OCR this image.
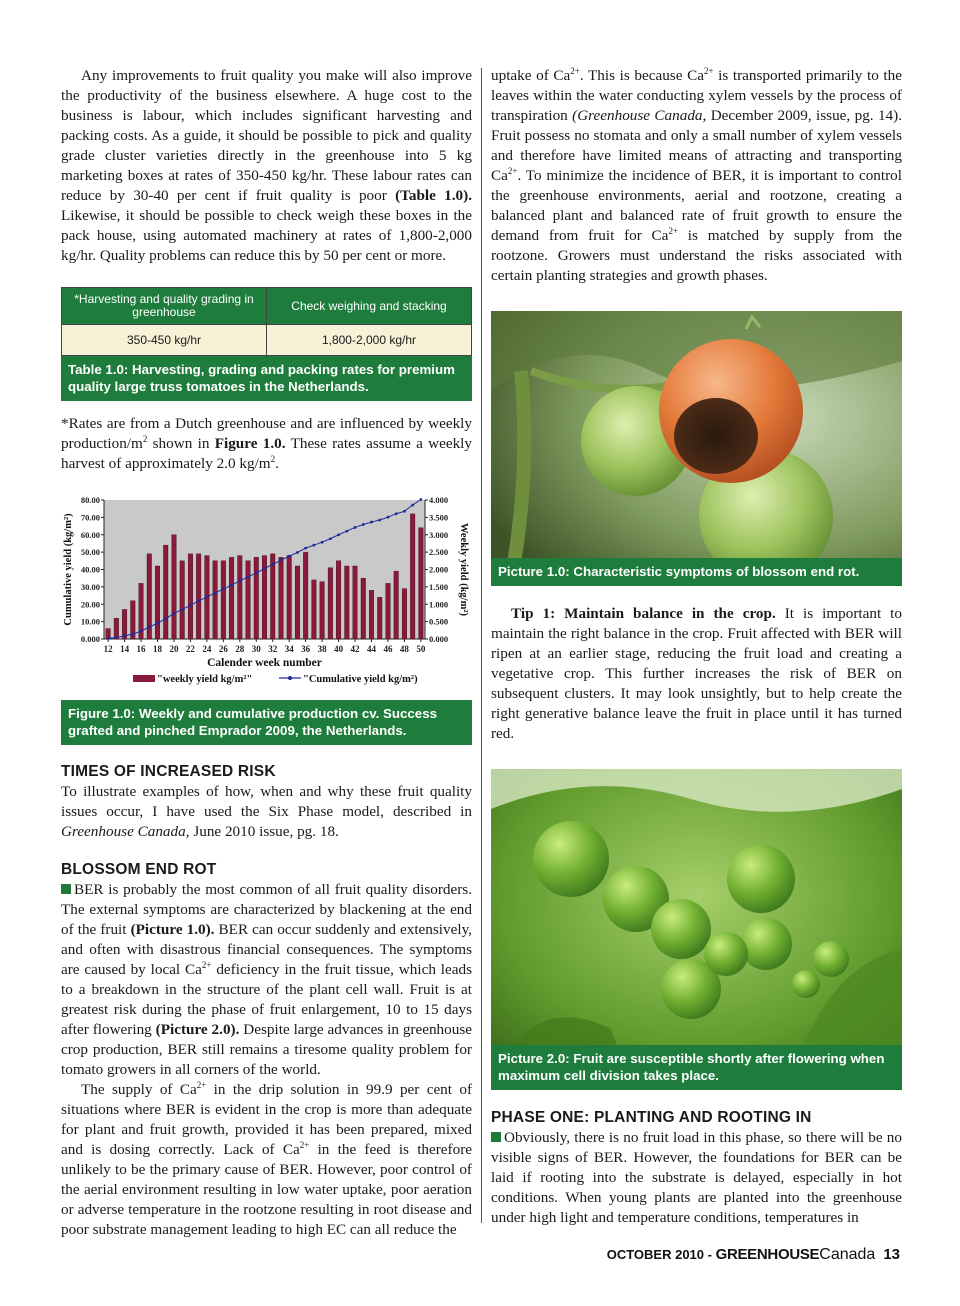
Any improvements to fruit quality you make will also improve the productivity of the business elsewhere. A huge cost to the business is labour, which includes significant harvesting and packing costs. As a guide, it should be possible to pick and quality grade cluster varieties directly in the greenhouse into 5 kg marketing boxes at rates of 350-450 kg/hr. These labour rates can reduce by 30-40 per cent if fruit quality is poor (Table 1.0). Likewise, it should be possible to check weigh these boxes in the pack house, using automated machinery at rates of 1,800-2,000 kg/hr. Quality problems can reduce this by 50 per cent or more.

*Harvesting and quality grading in greenhouse	Check weighing and stacking
350-450 kg/hr	1,800-2,000 kg/hr
Table 1.0: Harvesting, grading and packing rates for premium quality large truss tomatoes in the Netherlands.

*Rates are from a Dutch greenhouse and are influenced by weekly production/$m^2$ shown in Figure 1.0. These rates assume a weekly harvest of approximately 2.0 $kg/m^2$.

0.000
10.00
20.00
30.00
40.00
50.00
60.00
70.00
80.00
0.000
0.500
1.000
1.500
2.000
2.500
3.000
3.500
4.000
12 14 16 18 20 22 24 26 28 30 32 34 36 38 40 42 44 46 48 50
Calender week number
Cumulative yield (kg/m²)	Weekly yield (kg/m²)
"weekly yield kg/m²"	"Cumulative yield kg/m²)
Figure 1.0: Weekly and cumulative production cv. Success grafted and pinched Emprador 2009, the Netherlands.
TIMES OF INCREASED RISK

To illustrate examples of how, when and why these fruit quality issues occur, I have used the Six Phase model, described in Greenhouse Canada, June 2010 issue, pg. 18.

BLOSSOM END ROT

BER is probably the most common of all fruit quality disorders. The external symptoms are characterized by blackening at the end of the fruit (Picture 1.0). BER can occur suddenly and extensively, and often with disastrous financial consequences. The symptoms are caused by local $Ca^{2+}$ deficiency in the fruit tissue, which leads to a breakdown in the structure of the plant cell wall. Fruit is at greatest risk during the phase of fruit enlargement, 10 to 15 days after flowering (Picture 2.0). Despite large advances in greenhouse crop production, BER still remains a tiresome quality problem for tomato growers in all corners of the world.

The supply of $Ca^{2+}$ in the drip solution in 99.9 per cent of situations where BER is evident in the crop is more than adequate for plant and fruit growth, provided it has been prepared, mixed and is dosing correctly. Lack of $Ca^{2+}$ in the feed is therefore unlikely to be the primary cause of BER. However, poor control of the aerial environment resulting in low water uptake, poor aeration or adverse temperature in the rootzone resulting in root disease and poor substrate management leading to high EC can all reduce the

uptake of $Ca^{2+}$. This is because $Ca^{2+}$ is transported primarily to the leaves within the water conducting xylem vessels by the process of transpiration (Greenhouse Canada, December 2009, issue, pg. 14). Fruit possess no stomata and only a small number of xylem vessels and therefore have limited means of attracting and transporting $Ca^{2+}$. To minimize the incidence of BER, it is important to control the greenhouse environments, aerial and rootzone, creating a balanced plant and balanced rate of fruit growth to ensure the demand from fruit for $Ca^{2+}$ is matched by supply from the rootzone. Growers must understand the risks associated with certain planting strategies and growth phases.

Picture 1.0: Characteristic symptoms of blossom end rot.

Tip 1: Maintain balance in the crop. It is important to maintain the right balance in the crop. Fruit affected with BER will ripen at an earlier stage, reducing the fruit load and creating a vegetative crop. This further increases the risk of BER on subsequent clusters. It may look unsightly, but to help create the right generative balance leave the fruit in place until it has turned red.

Picture 2.0: Fruit are susceptible shortly after flowering when maximum cell division takes place.
PHASE ONE: PLANTING AND ROOTING IN

Obviously, there is no fruit load in this phase, so there will be no visible signs of BER. However, the foundations for BER can be laid if rooting into the substrate is delayed, especially in hot conditions. When young plants are planted into the greenhouse under high light and temperature conditions, temperatures in

OCTOBER 2010 - GREENHOUSECanada 13
